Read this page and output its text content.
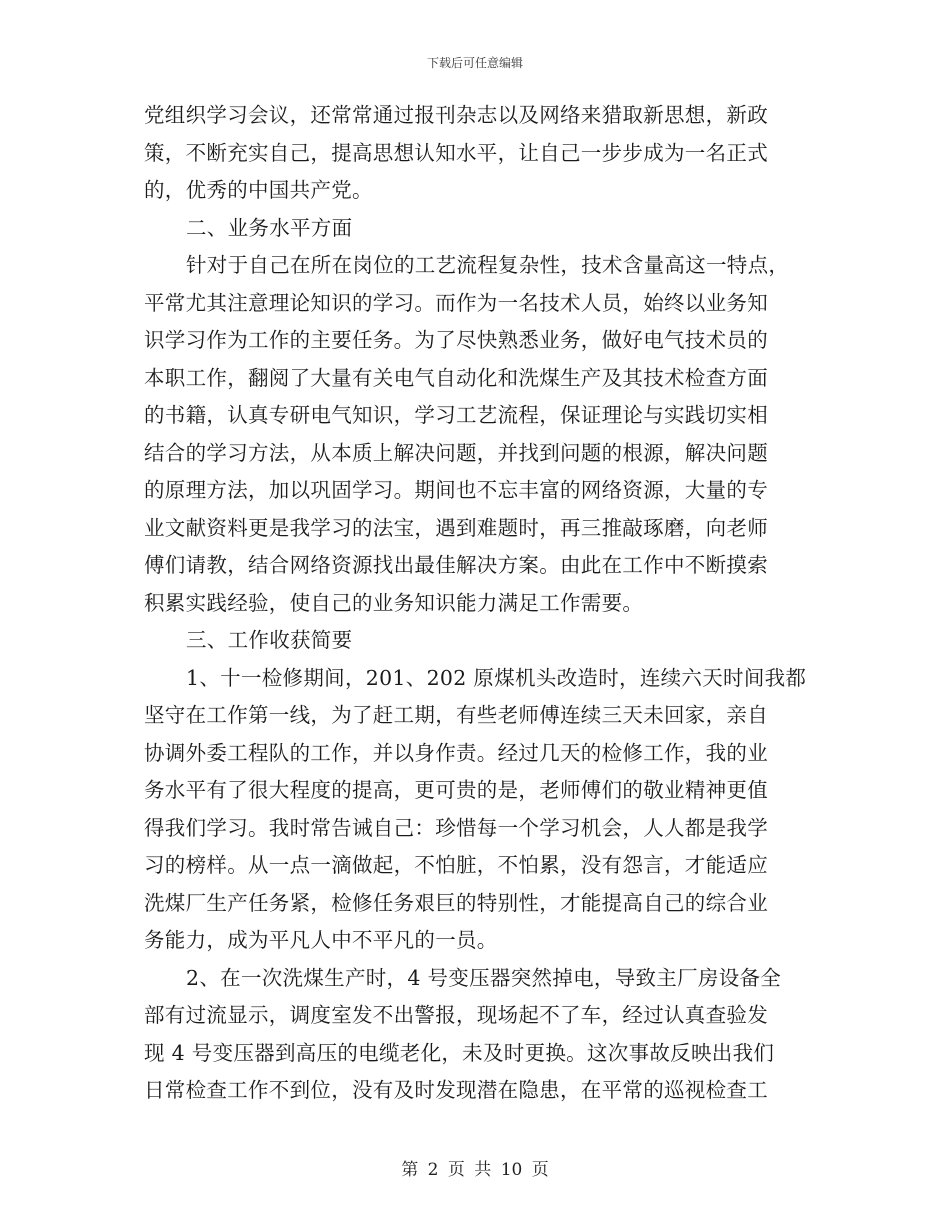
下载后可任意编辑
党组织学习会议，还常常通过报刊杂志以及网络来猎取新思想，新政
策，不断充实自己，提高思想认知水平，让自己一步步成为一名正式
的，优秀的中国共产党。
二、业务水平方面
针对于自己在所在岗位的工艺流程复杂性，技术含量高这一特点，
平常尤其注意理论知识的学习。而作为一名技术人员，始终以业务知
识学习作为工作的主要任务。为了尽快熟悉业务，做好电气技术员的
本职工作，翻阅了大量有关电气自动化和洗煤生产及其技术检查方面
的书籍，认真专研电气知识，学习工艺流程，保证理论与实践切实相
结合的学习方法，从本质上解决问题，并找到问题的根源，解决问题
的原理方法，加以巩固学习。期间也不忘丰富的网络资源，大量的专
业文献资料更是我学习的法宝，遇到难题时，再三推敲琢磨，向老师
傅们请教，结合网络资源找出最佳解决方案。由此在工作中不断摸索
积累实践经验，使自己的业务知识能力满足工作需要。
三、工作收获简要
1、十一检修期间，201、202 原煤机头改造时，连续六天时间我都
坚守在工作第一线，为了赶工期，有些老师傅连续三天未回家，亲自
协调外委工程队的工作，并以身作责。经过几天的检修工作，我的业
务水平有了很大程度的提高，更可贵的是，老师傅们的敬业精神更值
得我们学习。我时常告诫自己：珍惜每一个学习机会，人人都是我学
习的榜样。从一点一滴做起，不怕脏，不怕累，没有怨言，才能适应
洗煤厂生产任务紧，检修任务艰巨的特别性，才能提高自己的综合业
务能力，成为平凡人中不平凡的一员。
2、在一次洗煤生产时，4 号变压器突然掉电，导致主厂房设备全
部有过流显示，调度室发不出警报，现场起不了车，经过认真查验发
现 4 号变压器到高压的电缆老化，未及时更换。这次事故反映出我们
日常检查工作不到位，没有及时发现潜在隐患，在平常的巡视检查工
第 2 页 共 10 页
